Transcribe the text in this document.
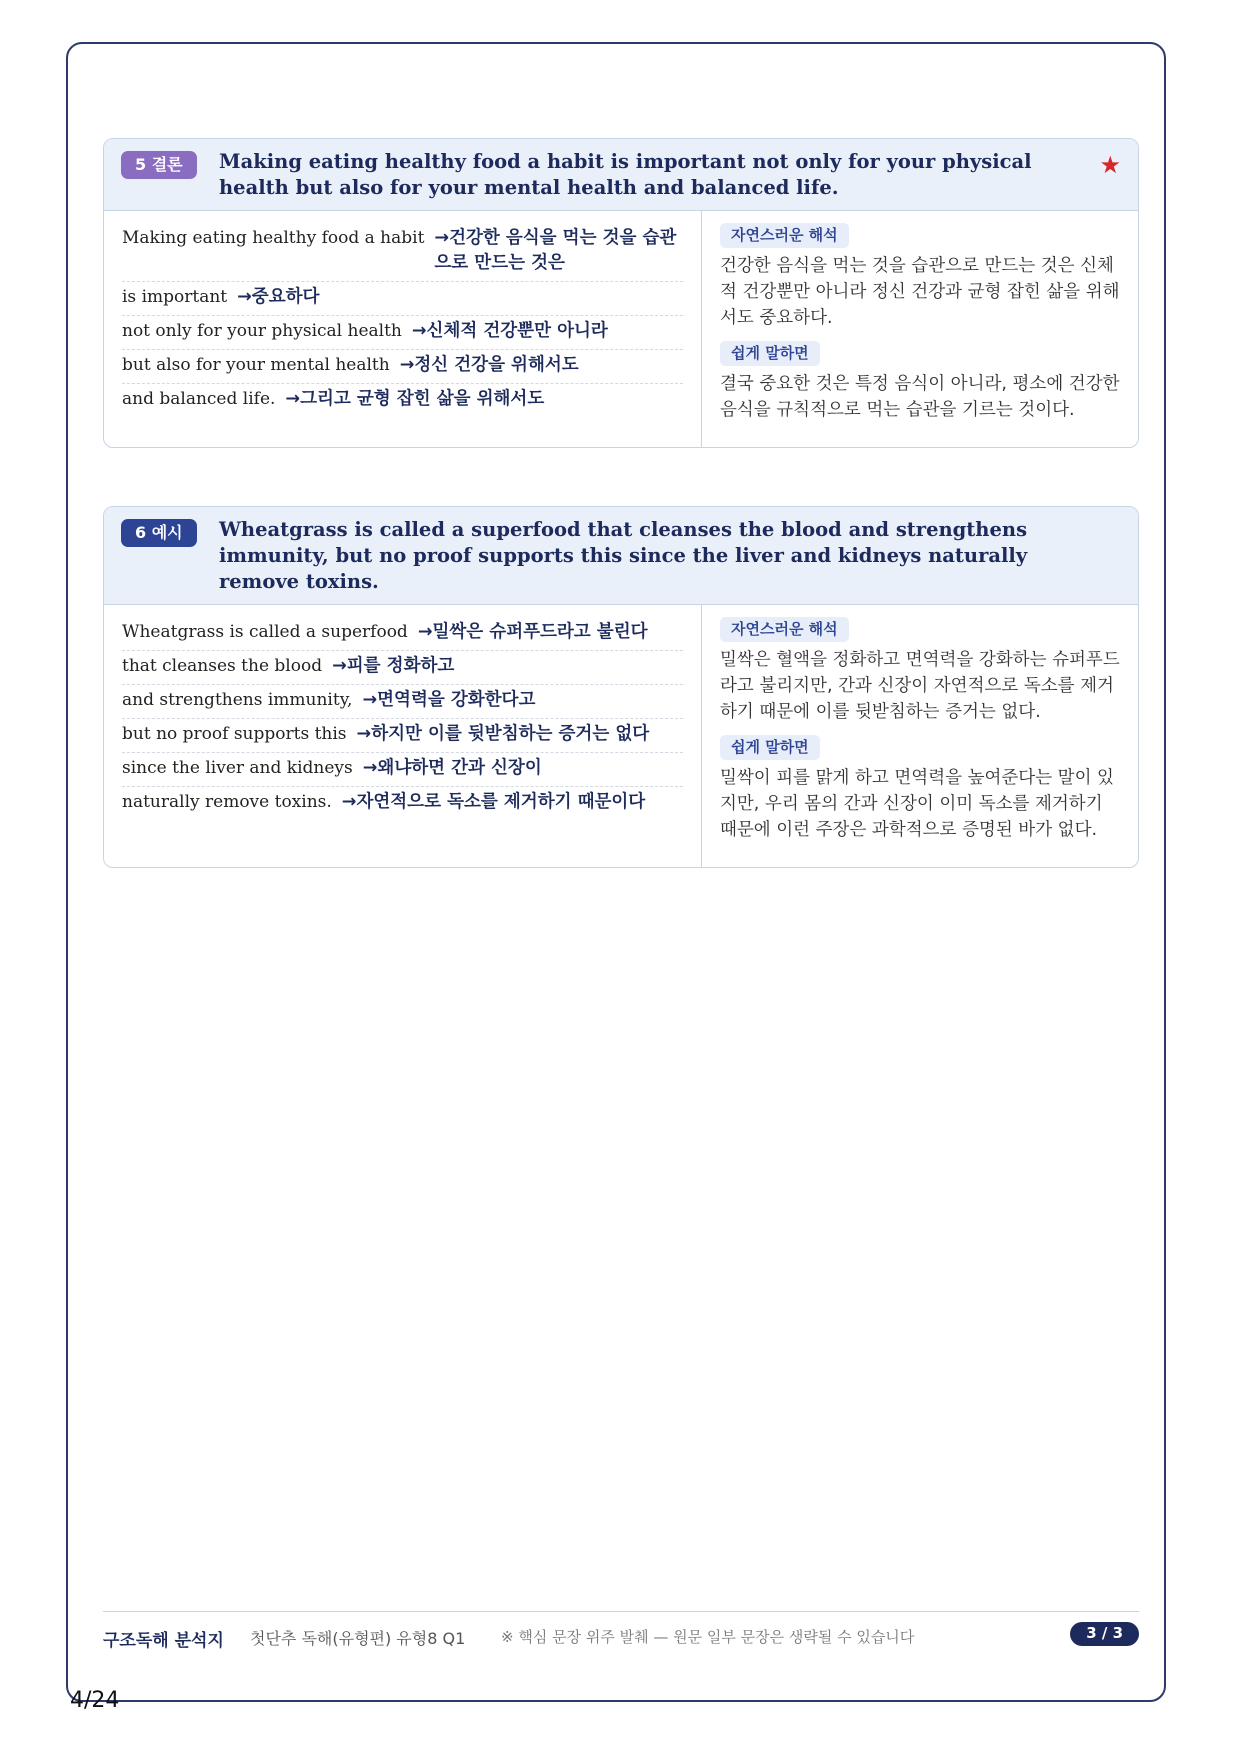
5 결론	Making eating healthy food a habit is important not only for your physical health but also for your mental health and balanced life.
★
Making eating healthy food a habit →건강한 음식을 먹는 것을 습관으로 만드는 것은
is important →중요하다
not only for your physical health →신체적 건강뿐만 아니라
but also for your mental health →정신 건강을 위해서도
and balanced life. →그리고 균형 잡힌 삶을 위해서도
자연스러운 해석
건강한 음식을 먹는 것을 습관으로 만드는 것은 신체적 건강뿐만 아니라 정신 건강과 균형 잡힌 삶을 위해서도 중요하다.
쉽게 말하면
결국 중요한 것은 특정 음식이 아니라, 평소에 건강한 음식을 규칙적으로 먹는 습관을 기르는 것이다.
6 예시	Wheatgrass is called a superfood that cleanses the blood and strengthens immunity, but no proof supports this since the liver and kidneys naturally remove toxins.
Wheatgrass is called a superfood →밀싹은 슈퍼푸드라고 불린다
that cleanses the blood →피를 정화하고
and strengthens immunity, →면역력을 강화한다고
but no proof supports this →하지만 이를 뒷받침하는 증거는 없다
since the liver and kidneys →왜냐하면 간과 신장이
naturally remove toxins. →자연적으로 독소를 제거하기 때문이다
자연스러운 해석
밀싹은 혈액을 정화하고 면역력을 강화하는 슈퍼푸드라고 불리지만, 간과 신장이 자연적으로 독소를 제거하기 때문에 이를 뒷받침하는 증거는 없다.
쉽게 말하면
밀싹이 피를 맑게 하고 면역력을 높여준다는 말이 있지만, 우리 몸의 간과 신장이 이미 독소를 제거하기 때문에 이런 주장은 과학적으로 증명된 바가 없다.
구조독해 분석지 첫단추 독해(유형편) 유형8 Q1 ※ 핵심 문장 위주 발췌 — 원문 일부 문장은 생략될 수 있습니다	3 / 3
4/24
